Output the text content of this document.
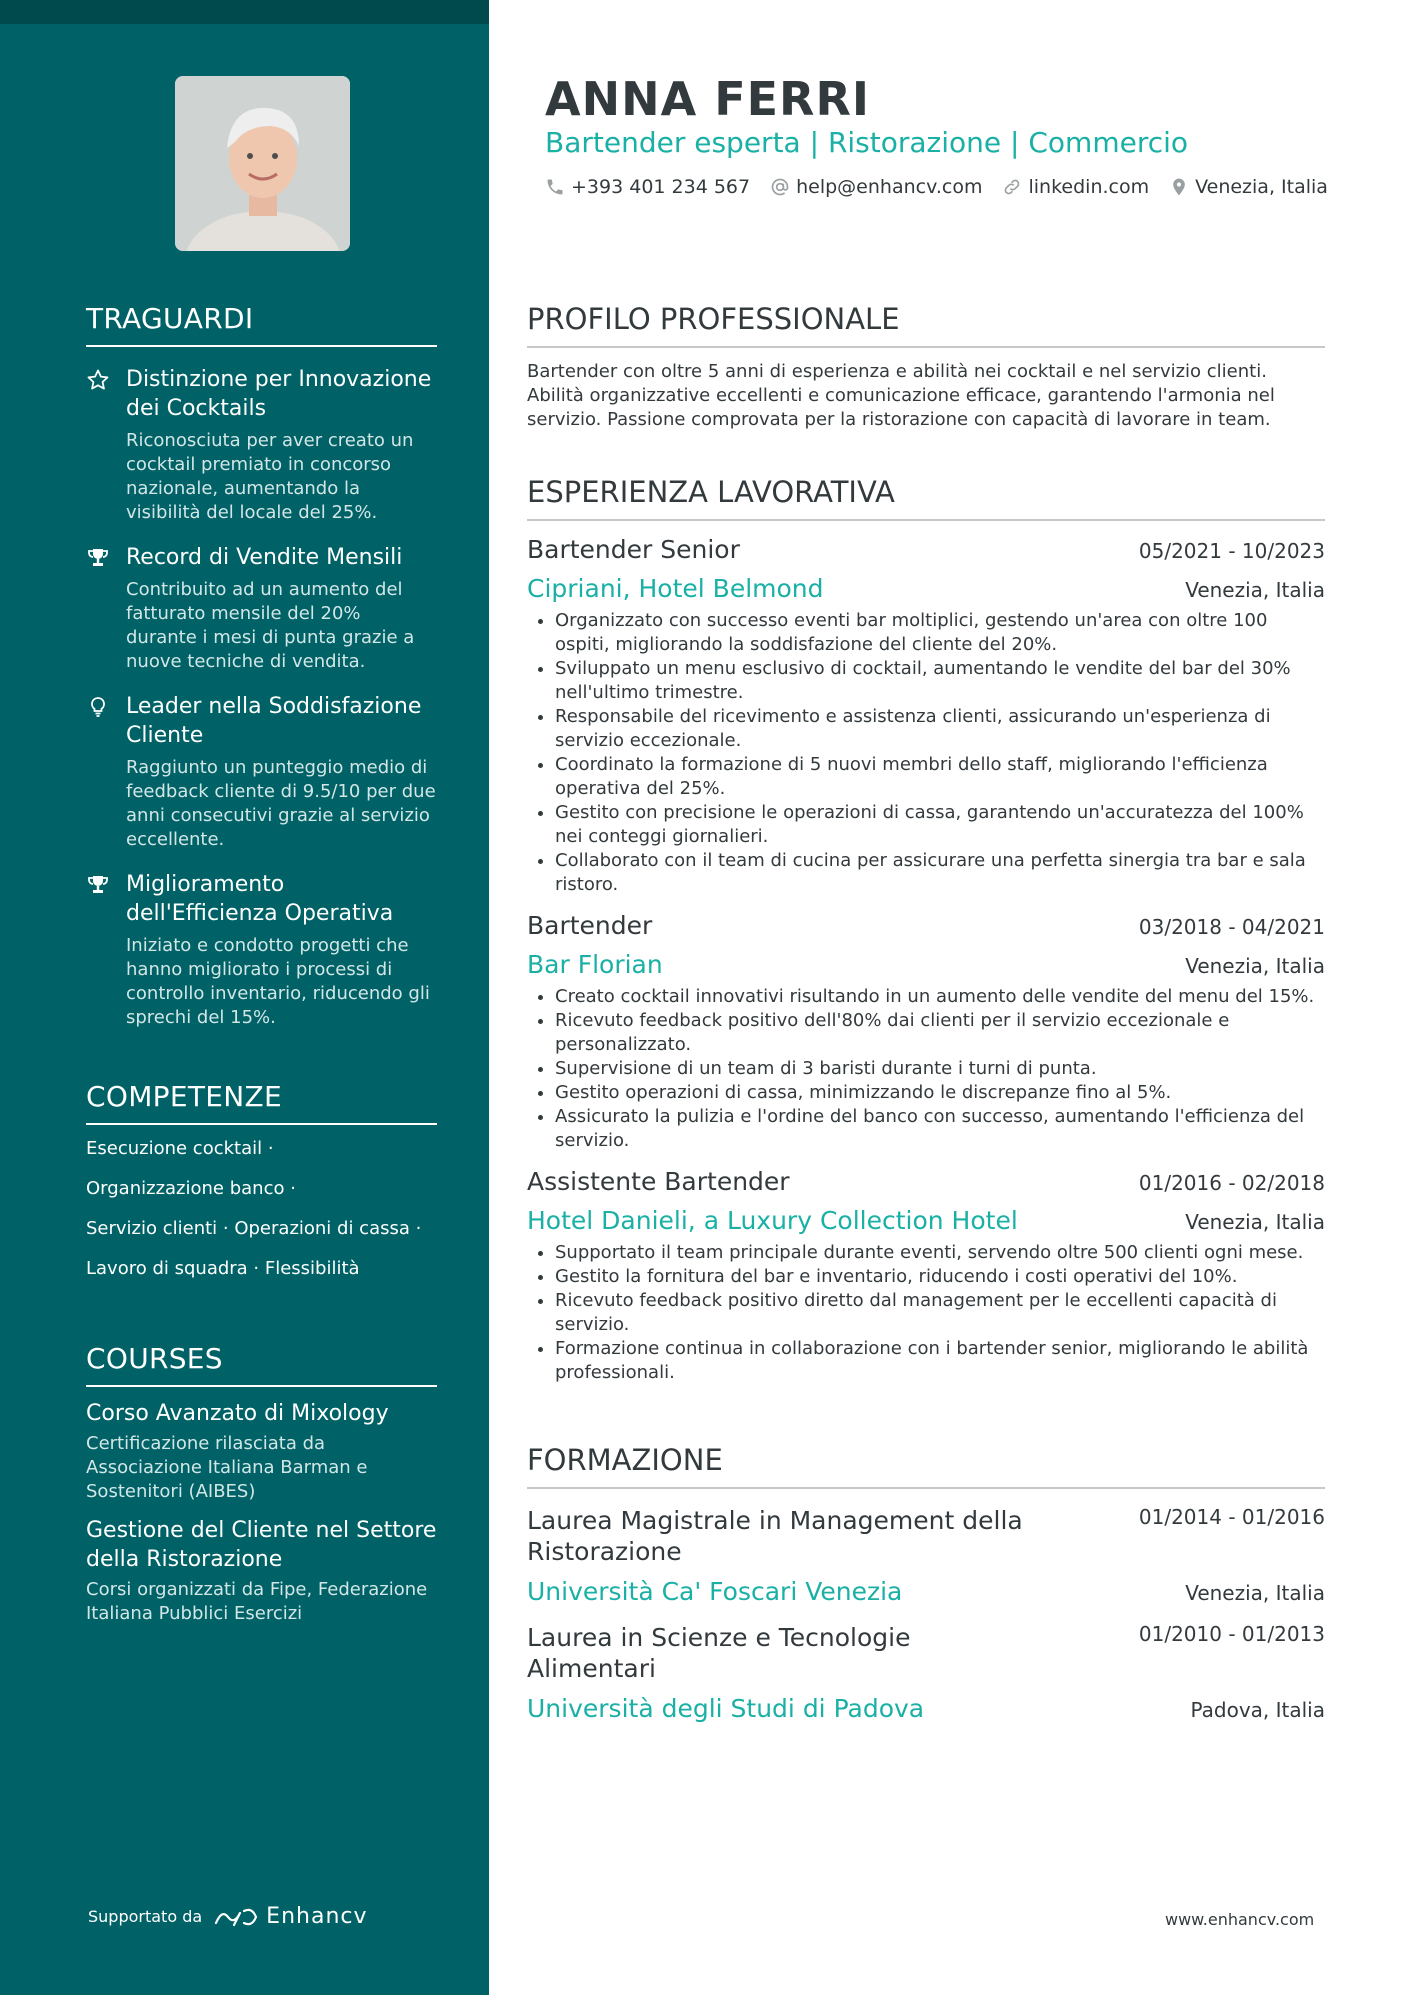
TRAGUARDI
Distinzione per Innovazione dei Cocktails
Riconosciuta per aver creato un cocktail premiato in concorso nazionale, aumentando la visibilità del locale del 25%.
Record di Vendite Mensili
Contribuito ad un aumento del fatturato mensile del 20% durante i mesi di punta grazie a nuove tecniche di vendita.
Leader nella Soddisfazione Cliente
Raggiunto un punteggio medio di feedback cliente di 9.5/10 per due anni consecutivi grazie al servizio eccellente.
Miglioramento dell'Efficienza Operativa
Iniziato e condotto progetti che hanno migliorato i processi di controllo inventario, riducendo gli sprechi del 15%.
COMPETENZE
Esecuzione cocktail ·
Organizzazione banco ·
Servizio clienti · Operazioni di cassa ·
Lavoro di squadra · Flessibilità
COURSES
Corso Avanzato di Mixology
Certificazione rilasciata da Associazione Italiana Barman e Sostenitori (AIBES)
Gestione del Cliente nel Settore della Ristorazione
Corsi organizzati da Fipe, Federazione Italiana Pubblici Esercizi
Supportato da	Enhancv
ANNA FERRI
Bartender esperta | Ristorazione | Commercio
+393 401 234 567 help@enhancv.com linkedin.com Venezia, Italia
PROFILO PROFESSIONALE
Bartender con oltre 5 anni di esperienza e abilità nei cocktail e nel servizio clienti. Abilità organizzative eccellenti e comunicazione efficace, garantendo l'armonia nel servizio. Passione comprovata per la ristorazione con capacità di lavorare in team.
ESPERIENZA LAVORATIVA
Bartender Senior	05/2021 - 10/2023
Cipriani, Hotel Belmond	Venezia, Italia
• Organizzato con successo eventi bar moltiplici, gestendo un'area con oltre 100 ospiti, migliorando la soddisfazione del cliente del 20%.
• Sviluppato un menu esclusivo di cocktail, aumentando le vendite del bar del 30% nell'ultimo trimestre.
• Responsabile del ricevimento e assistenza clienti, assicurando un'esperienza di servizio eccezionale.
• Coordinato la formazione di 5 nuovi membri dello staff, migliorando l'efficienza operativa del 25%.
• Gestito con precisione le operazioni di cassa, garantendo un'accuratezza del 100% nei conteggi giornalieri.
• Collaborato con il team di cucina per assicurare una perfetta sinergia tra bar e sala ristoro.
Bartender	03/2018 - 04/2021
Bar Florian	Venezia, Italia
• Creato cocktail innovativi risultando in un aumento delle vendite del menu del 15%.
• Ricevuto feedback positivo dell'80% dai clienti per il servizio eccezionale e personalizzato.
• Supervisione di un team di 3 baristi durante i turni di punta.
• Gestito operazioni di cassa, minimizzando le discrepanze fino al 5%.
• Assicurato la pulizia e l'ordine del banco con successo, aumentando l'efficienza del servizio.
Assistente Bartender	01/2016 - 02/2018
Hotel Danieli, a Luxury Collection Hotel	Venezia, Italia
• Supportato il team principale durante eventi, servendo oltre 500 clienti ogni mese.
• Gestito la fornitura del bar e inventario, riducendo i costi operativi del 10%.
• Ricevuto feedback positivo diretto dal management per le eccellenti capacità di servizio.
• Formazione continua in collaborazione con i bartender senior, migliorando le abilità professionali.
FORMAZIONE
Laurea Magistrale in Management della Ristorazione
01/2014 - 01/2016
Università Ca' Foscari Venezia	Venezia, Italia
Laurea in Scienze e Tecnologie Alimentari
01/2010 - 01/2013
Università degli Studi di Padova	Padova, Italia
www.enhancv.com
